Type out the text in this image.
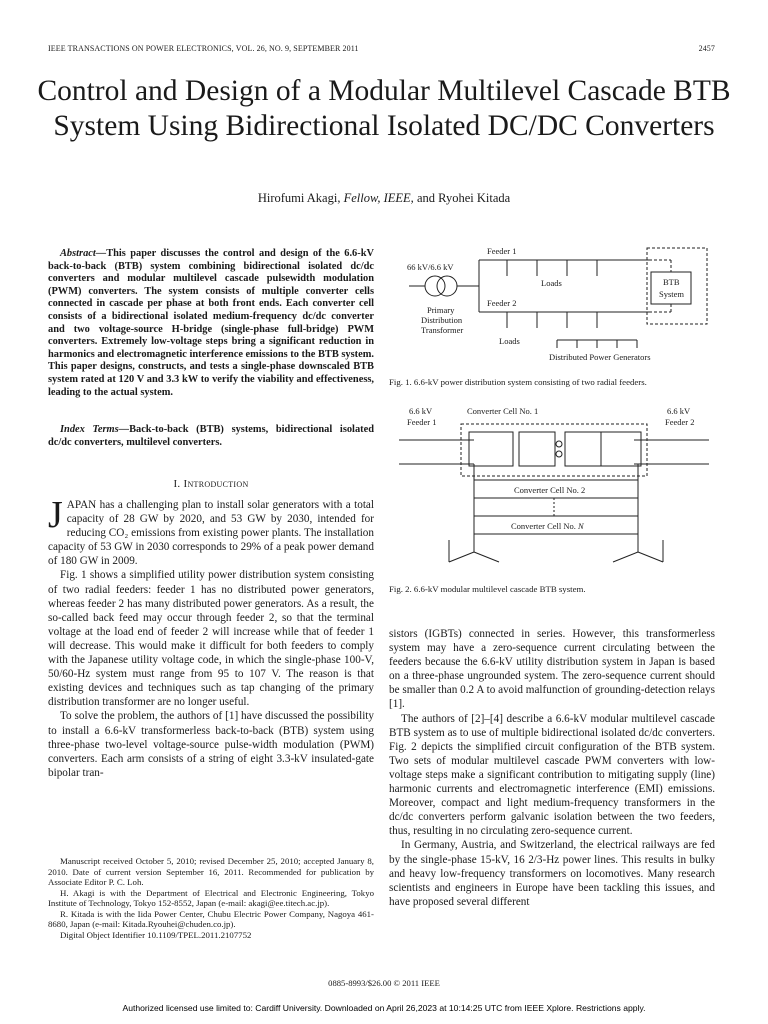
IEEE TRANSACTIONS ON POWER ELECTRONICS, VOL. 26, NO. 9, SEPTEMBER 2011	2457
Control and Design of a Modular Multilevel Cascade BTB System Using Bidirectional Isolated DC/DC Converters
Hirofumi Akagi, Fellow, IEEE, and Ryohei Kitada
Abstract—This paper discusses the control and design of the 6.6-kV back-to-back (BTB) system combining bidirectional isolated dc/dc converters and modular multilevel cascade pulsewidth modulation (PWM) converters. The system consists of multiple converter cells connected in cascade per phase at both front ends. Each converter cell consists of a bidirectional isolated medium-frequency dc/dc converter and two voltage-source H-bridge (single-phase full-bridge) PWM converters. Extremely low-voltage steps bring a significant reduction in harmonics and electromagnetic interference emissions to the BTB system. This paper designs, constructs, and tests a single-phase downscaled BTB system rated at 120 V and 3.3 kW to verify the viability and effectiveness, leading to the actual system.
Index Terms—Back-to-back (BTB) systems, bidirectional isolated dc/dc converters, multilevel converters.
I. Introduction

JAPAN has a challenging plan to install solar generators with a total capacity of 28 GW by 2020, and 53 GW by 2030, intended for reducing CO₂ emissions from existing power plants. The installation capacity of 53 GW in 2030 corresponds to 29% of a peak power demand of 180 GW in 2009.

Fig. 1 shows a simplified utility power distribution system consisting of two radial feeders: feeder 1 has no distributed power generators, whereas feeder 2 has many distributed power generators. As a result, the so-called back feed may occur through feeder 2, so that the terminal voltage at the load end of feeder 2 will increase while that of feeder 1 will decrease. This would make it difficult for both feeders to comply with the Japanese utility voltage code, in which the single-phase 100-V, 50/60-Hz system must range from 95 to 107 V. The reason is that existing devices and techniques such as tap changing of the primary distribution transformer are no longer useful.

To solve the problem, the authors of [1] have discussed the possibility to install a 6.6-kV transformerless back-to-back (BTB) system using three-phase two-level voltage-source pulse-width modulation (PWM) converters. Each arm consists of a string of eight 3.3-kV insulated-gate bipolar tran-

Manuscript received October 5, 2010; revised December 25, 2010; accepted January 8, 2010. Date of current version September 16, 2011. Recommended for publication by Associate Editor P. C. Loh.

H. Akagi is with the Department of Electrical and Electronic Engineering, Tokyo Institute of Technology, Tokyo 152-8552, Japan (e-mail: akagi@ee.titech.ac.jp).

R. Kitada is with the Iida Power Center, Chubu Electric Power Company, Nagoya 461-8680, Japan (e-mail: Kitada.Ryouhei@chuden.co.jp).

Digital Object Identifier 10.1109/TPEL.2011.2107752

Feeder 1
Feeder 2
66 kV/6.6 kV
Loads
Loads
BTB
System
Primary
Distribution
Transformer
Distributed Power Generators
Fig. 1. 6.6-kV power distribution system consisting of two radial feeders.
6.6 kV
Feeder 1
6.6 kV
Feeder 2
Converter Cell No. 1
Converter Cell No. 2
Converter Cell No. N
Fig. 2. 6.6-kV modular multilevel cascade BTB system.

sistors (IGBTs) connected in series. However, this transformerless system may have a zero-sequence current circulating between the feeders because the 6.6-kV utility distribution system in Japan is based on a three-phase ungrounded system. The zero-sequence current should be smaller than 0.2 A to avoid malfunction of grounding-detection relays [1].

The authors of [2]–[4] describe a 6.6-kV modular multilevel cascade BTB system as to use of multiple bidirectional isolated dc/dc converters. Fig. 2 depicts the simplified circuit configuration of the BTB system. Two sets of modular multilevel cascade PWM converters with low-voltage steps make a significant contribution to mitigating supply (line) harmonic currents and electromagnetic interference (EMI) emissions. Moreover, compact and light medium-frequency transformers in the dc/dc converters perform galvanic isolation between the two feeders, thus, resulting in no circulating zero-sequence current.

In Germany, Austria, and Switzerland, the electrical railways are fed by the single-phase 15-kV, 16 2/3-Hz power lines. This results in bulky and heavy low-frequency transformers on locomotives. Many research scientists and engineers in Europe have been tackling this issues, and have proposed several different

0885-8993/$26.00 © 2011 IEEE
Authorized licensed use limited to: Cardiff University. Downloaded on April 26,2023 at 10:14:25 UTC from IEEE Xplore. Restrictions apply.
